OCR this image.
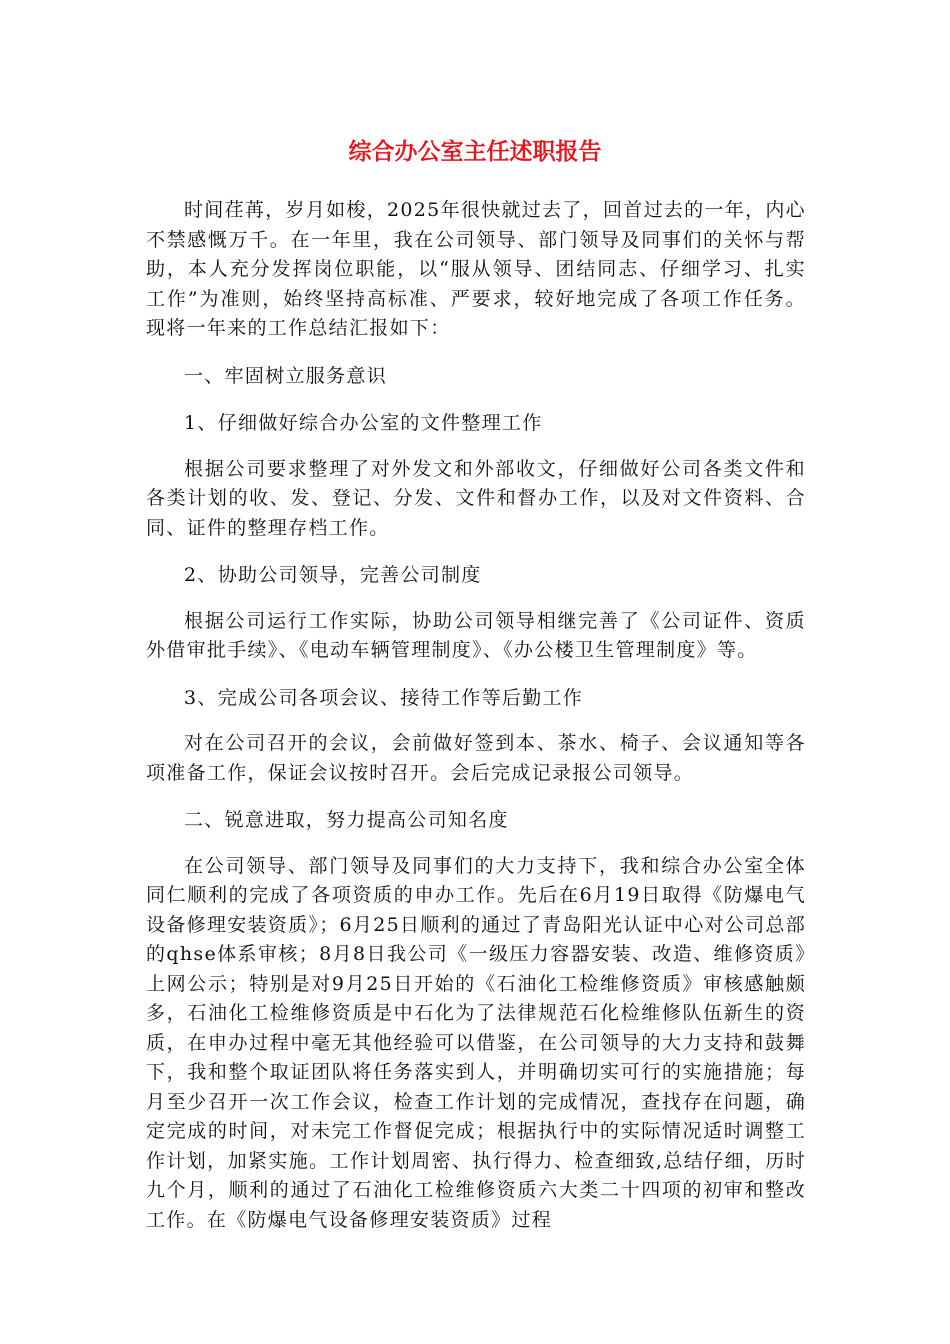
综合办公室主任述职报告

时间荏苒，岁月如梭，2025年很快就过去了，回首过去的一年，内心不禁感慨万千。在一年里，我在公司领导、部门领导及同事们的关怀与帮助，本人充分发挥岗位职能，以“服从领导、团结同志、仔细学习、扎实工作”为准则，始终坚持高标准、严要求，较好地完成了各项工作任务。现将一年来的工作总结汇报如下：

一、牢固树立服务意识

1、仔细做好综合办公室的文件整理工作

根据公司要求整理了对外发文和外部收文，仔细做好公司各类文件和各类计划的收、发、登记、分发、文件和督办工作，以及对文件资料、合同、证件的整理存档工作。

2、协助公司领导，完善公司制度

根据公司运行工作实际，协助公司领导相继完善了《公司证件、资质外借审批手续》、《电动车辆管理制度》、《办公楼卫生管理制度》等。

3、完成公司各项会议、接待工作等后勤工作

对在公司召开的会议，会前做好签到本、茶水、椅子、会议通知等各项准备工作，保证会议按时召开。会后完成记录报公司领导。

二、锐意进取，努力提高公司知名度

在公司领导、部门领导及同事们的大力支持下，我和综合办公室全体同仁顺利的完成了各项资质的申办工作。先后在6月19日取得《防爆电气设备修理安装资质》；6月25日顺利的通过了青岛阳光认证中心对公司总部的qhse体系审核；8月8日我公司《一级压力容器安装、改造、维修资质》上网公示；特别是对9月25日开始的《石油化工检维修资质》审核感触颇多，石油化工检维修资质是中石化为了法律规范石化检维修队伍新生的资质，在申办过程中毫无其他经验可以借鉴，在公司领导的大力支持和鼓舞下，我和整个取证团队将任务落实到人，并明确切实可行的实施措施；每月至少召开一次工作会议，检查工作计划的完成情况，查找存在问题，确定完成的时间，对未完工作督促完成；根据执行中的实际情况适时调整工作计划，加紧实施。工作计划周密、执行得力、检查细致,总结仔细，历时九个月，顺利的通过了石油化工检维修资质六大类二十四项的初审和整改工作。在《防爆电气设备修理安装资质》过程
